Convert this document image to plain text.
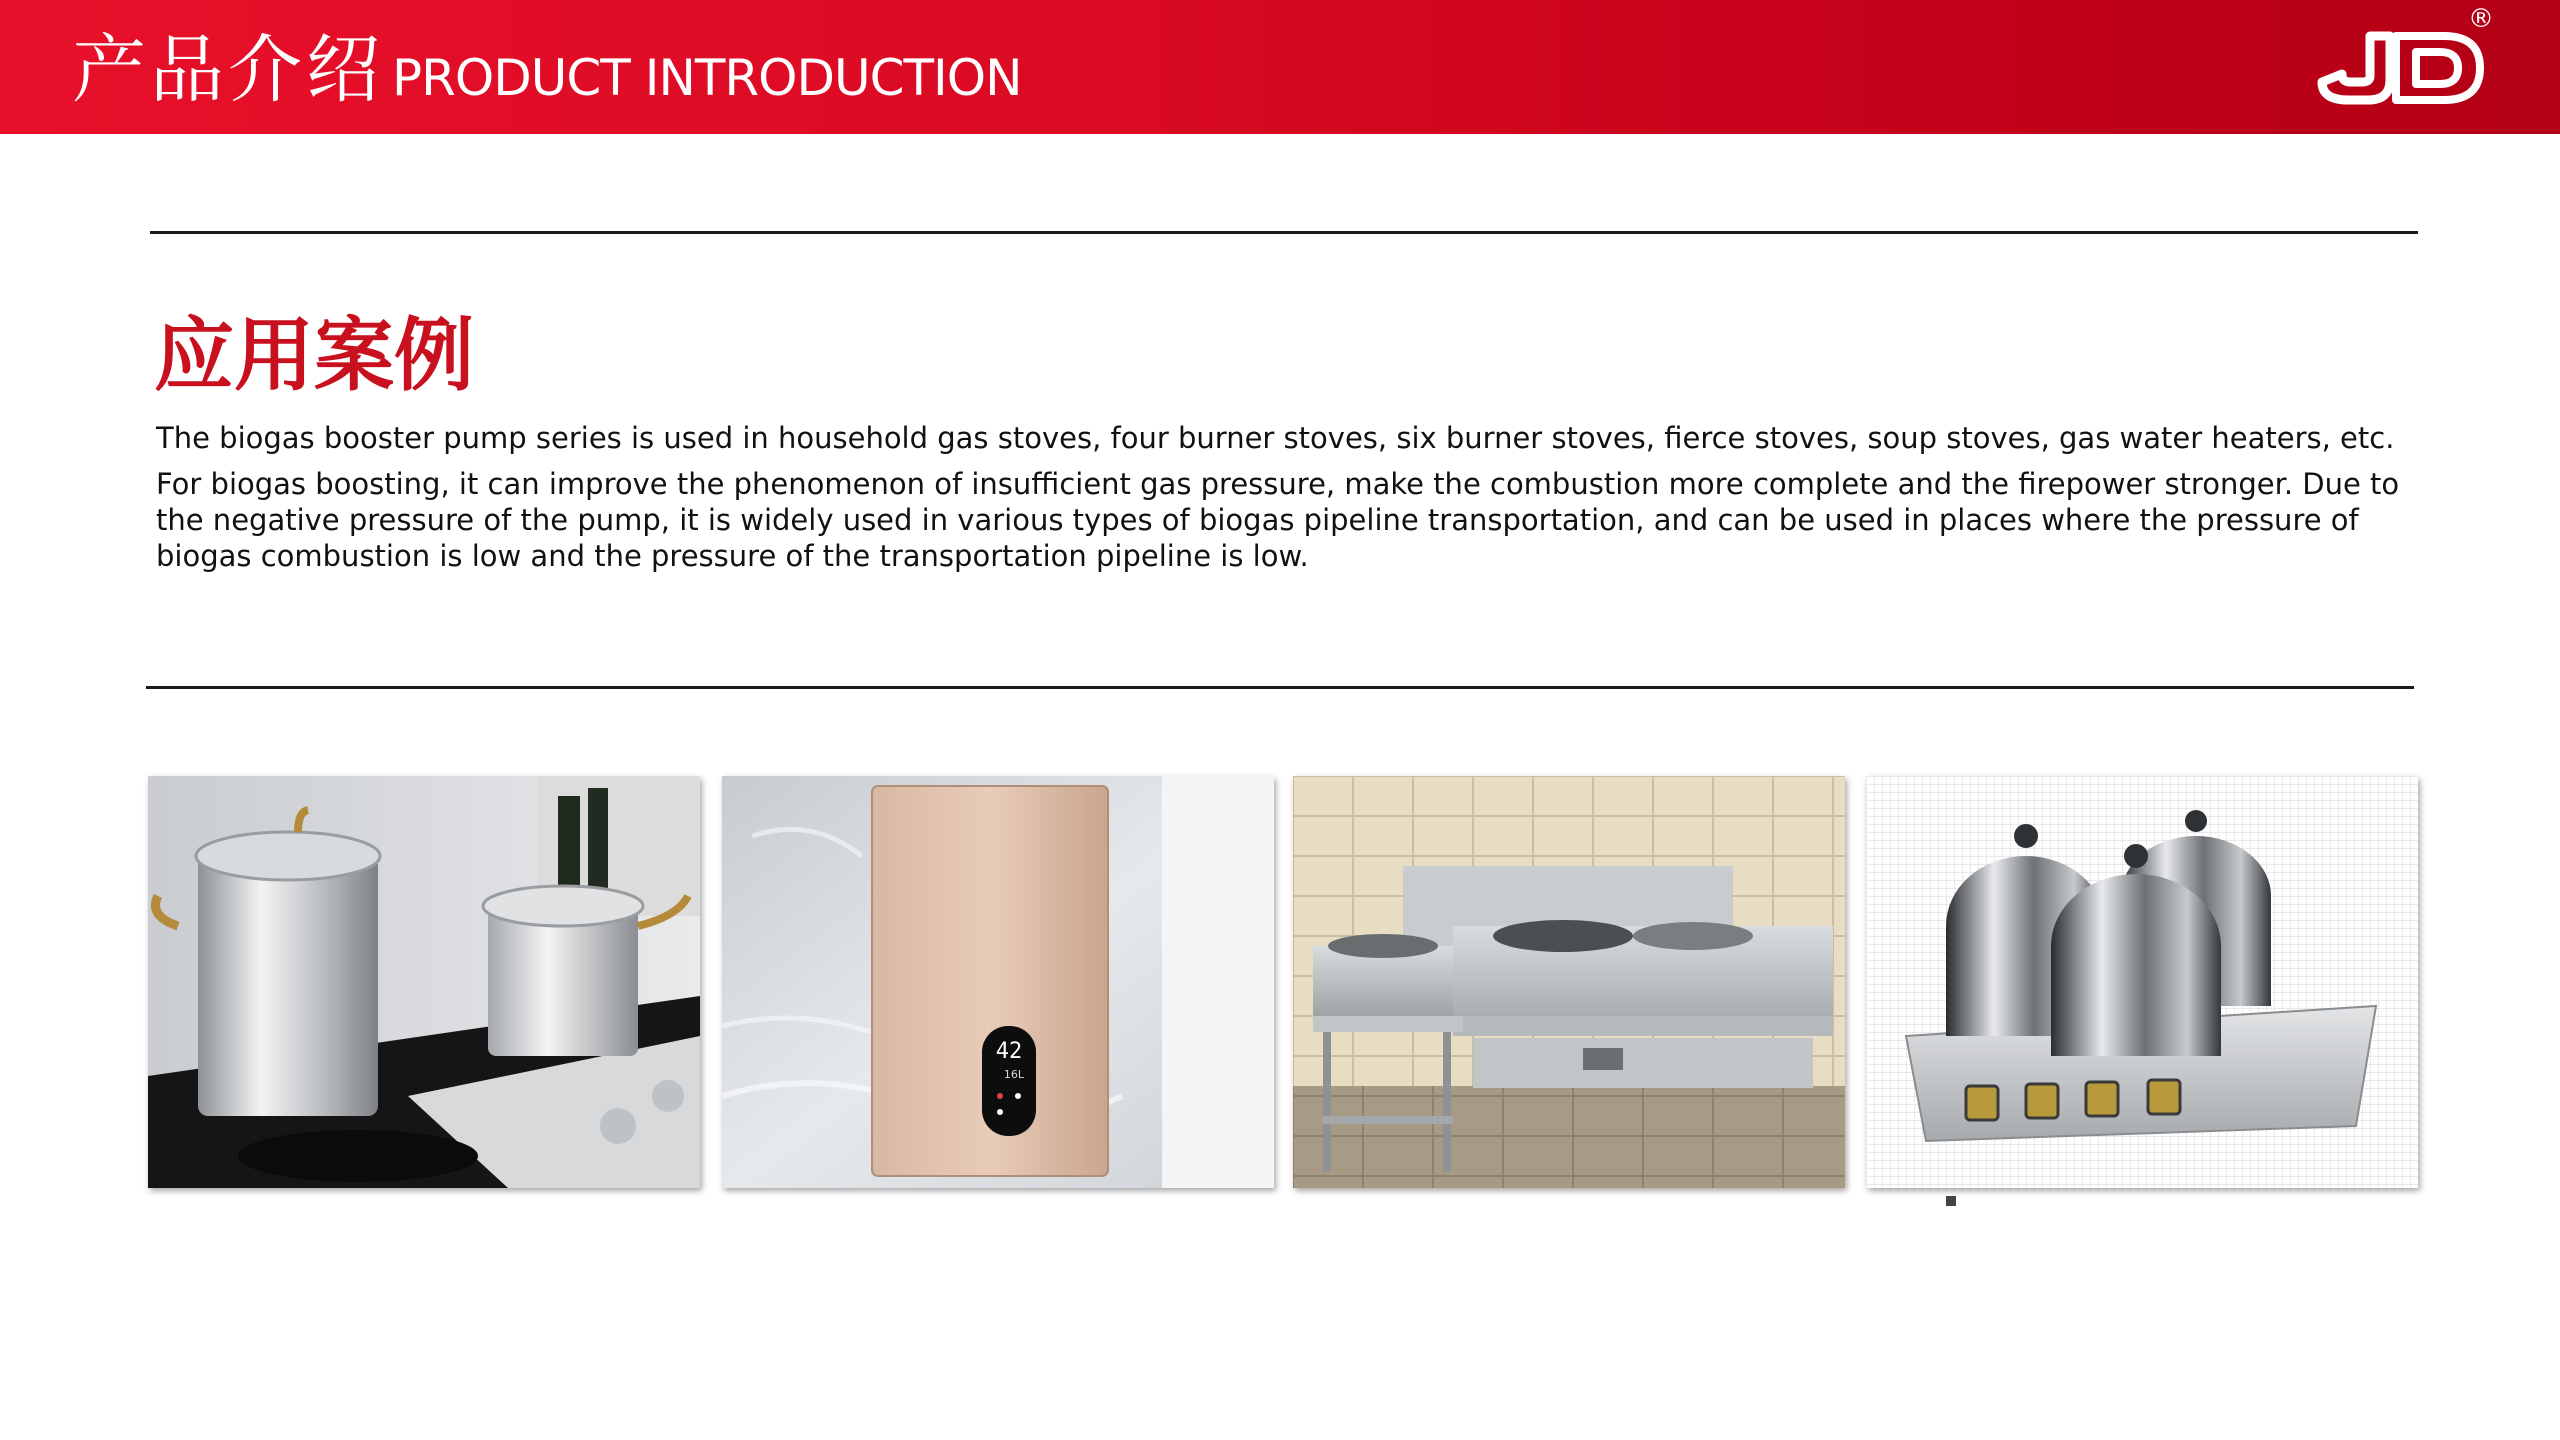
产品介绍 PRODUCT INTRODUCTION
JD
®
应用案例
The biogas booster pump series is used in household gas stoves, four burner stoves, six burner stoves, fierce stoves, soup stoves, gas water heaters, etc.
For biogas boosting, it can improve the phenomenon of insufficient gas pressure, make the combustion more complete and the firepower stronger. Due to the negative pressure of the pump, it is widely used in various types of biogas pipeline transportation, and can be used in places where the pressure of biogas combustion is low and the pressure of the transportation pipeline is low.
42
16L
